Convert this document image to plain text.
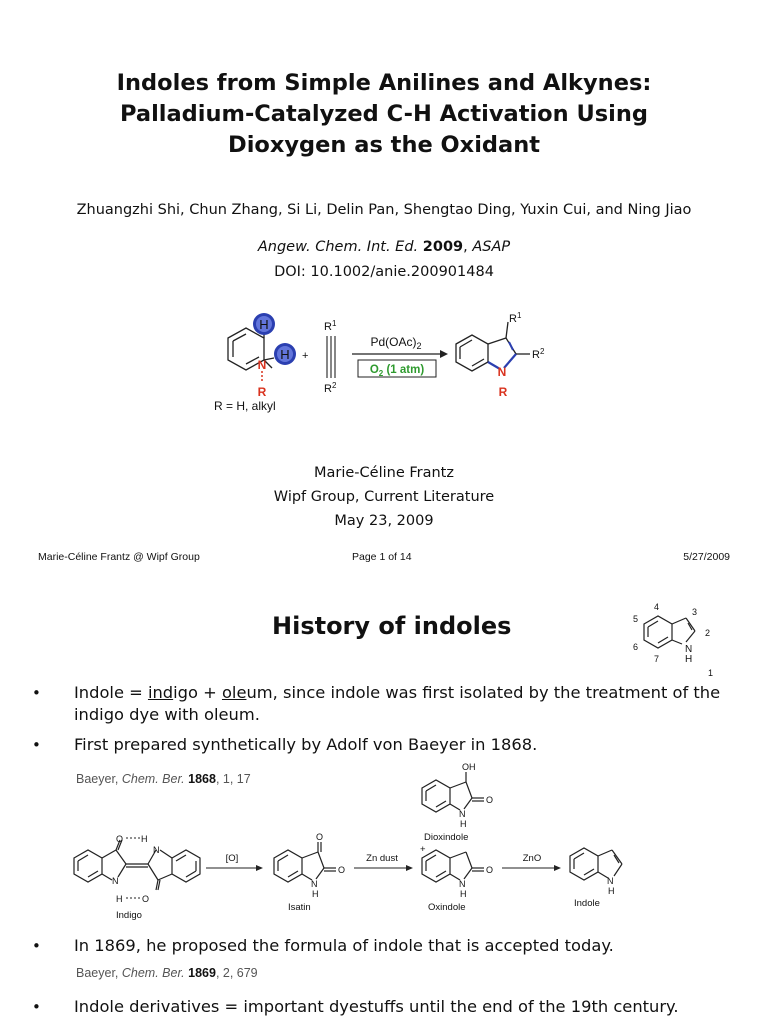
Indoles from Simple Anilines and Alkynes:
Palladium-Catalyzed C-H Activation Using
Dioxygen as the Oxidant
Zhuangzhi Shi, Chun Zhang, Si Li, Delin Pan, Shengtao Ding, Yuxin Cui, and Ning Jiao
Angew. Chem. Int. Ed. 2009, ASAP
DOI: 10.1002/anie.200901484
H
H
N
R
R = H, alkyl
+
$R^1$
$R^2$
$Pd(OAc)_2$
$O_2$ (1 atm)	N
R
$R^1$
$R^2$
Marie-Céline Frantz
Wipf Group, Current Literature
May 23, 2009
Marie-Céline Frantz @ Wipf Group	Page 1 of 14	5/27/2009
History of indoles
N
H
1
2
3
4
5
6
7
• Indole = indigo + oleum, since indole was first isolated by the treatment of the indigo dye with oleum.
• First prepared synthetically by Adolf von Baeyer in 1868.
Baeyer, Chem. Ber. 1868, 1, 17
O H
N
N
H O
Indigo
[O]
O
O
N
H
Isatin
Zn dust
OH
O
N
H
Dioxindole
+
O
N
H
Oxindole
ZnO
N
H
Indole
• In 1869, he proposed the formula of indole that is accepted today.
Baeyer, Chem. Ber. 1869, 2, 679
• Indole derivatives = important dyestuffs until the end of the 19th century.
